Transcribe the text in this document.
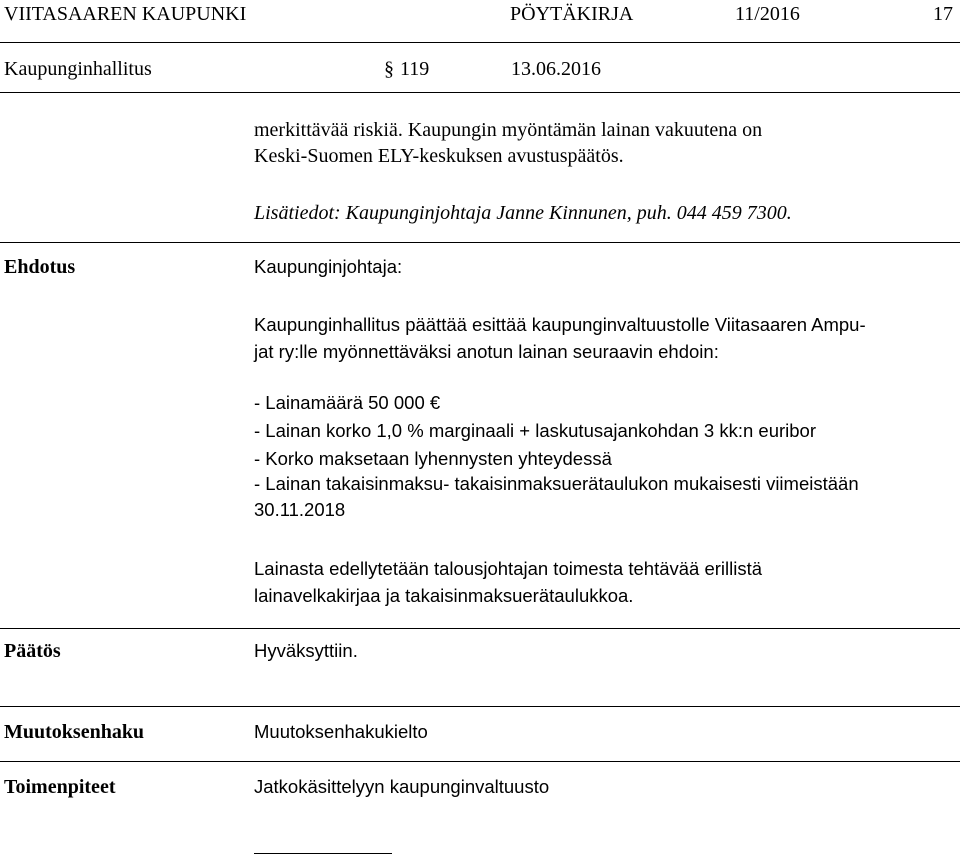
VIITASAAREN KAUPUNKI	PÖYTÄKIRJA	11/2016	17
Kaupunginhallitus	§ 119	13.06.2016
merkittävää riskiä. Kaupungin myöntämän lainan vakuutena on
Keski-Suomen ELY-keskuksen avustuspäätös.
Lisätiedot: Kaupunginjohtaja Janne Kinnunen, puh. 044 459 7300.
Ehdotus	Kaupunginjohtaja:
Kaupunginhallitus päättää esittää kaupunginvaltuustolle Viitasaaren Ampu-
jat ry:lle myönnettäväksi anotun lainan seuraavin ehdoin:
- Lainamäärä 50 000 €
- Lainan korko 1,0 % marginaali + laskutusajankohdan 3 kk:n euribor
- Korko maksetaan lyhennysten yhteydessä
- Lainan takaisinmaksu- takaisinmaksuerätaulukon mukaisesti viimeistään
30.11.2018
Lainasta edellytetään talousjohtajan toimesta tehtävää erillistä
lainavelkakirjaa ja takaisinmaksuerätaulukkoa.
Päätös	Hyväksyttiin.
Muutoksenhaku	Muutoksenhakukielto
Toimenpiteet	Jatkokäsittelyyn kaupunginvaltuusto
